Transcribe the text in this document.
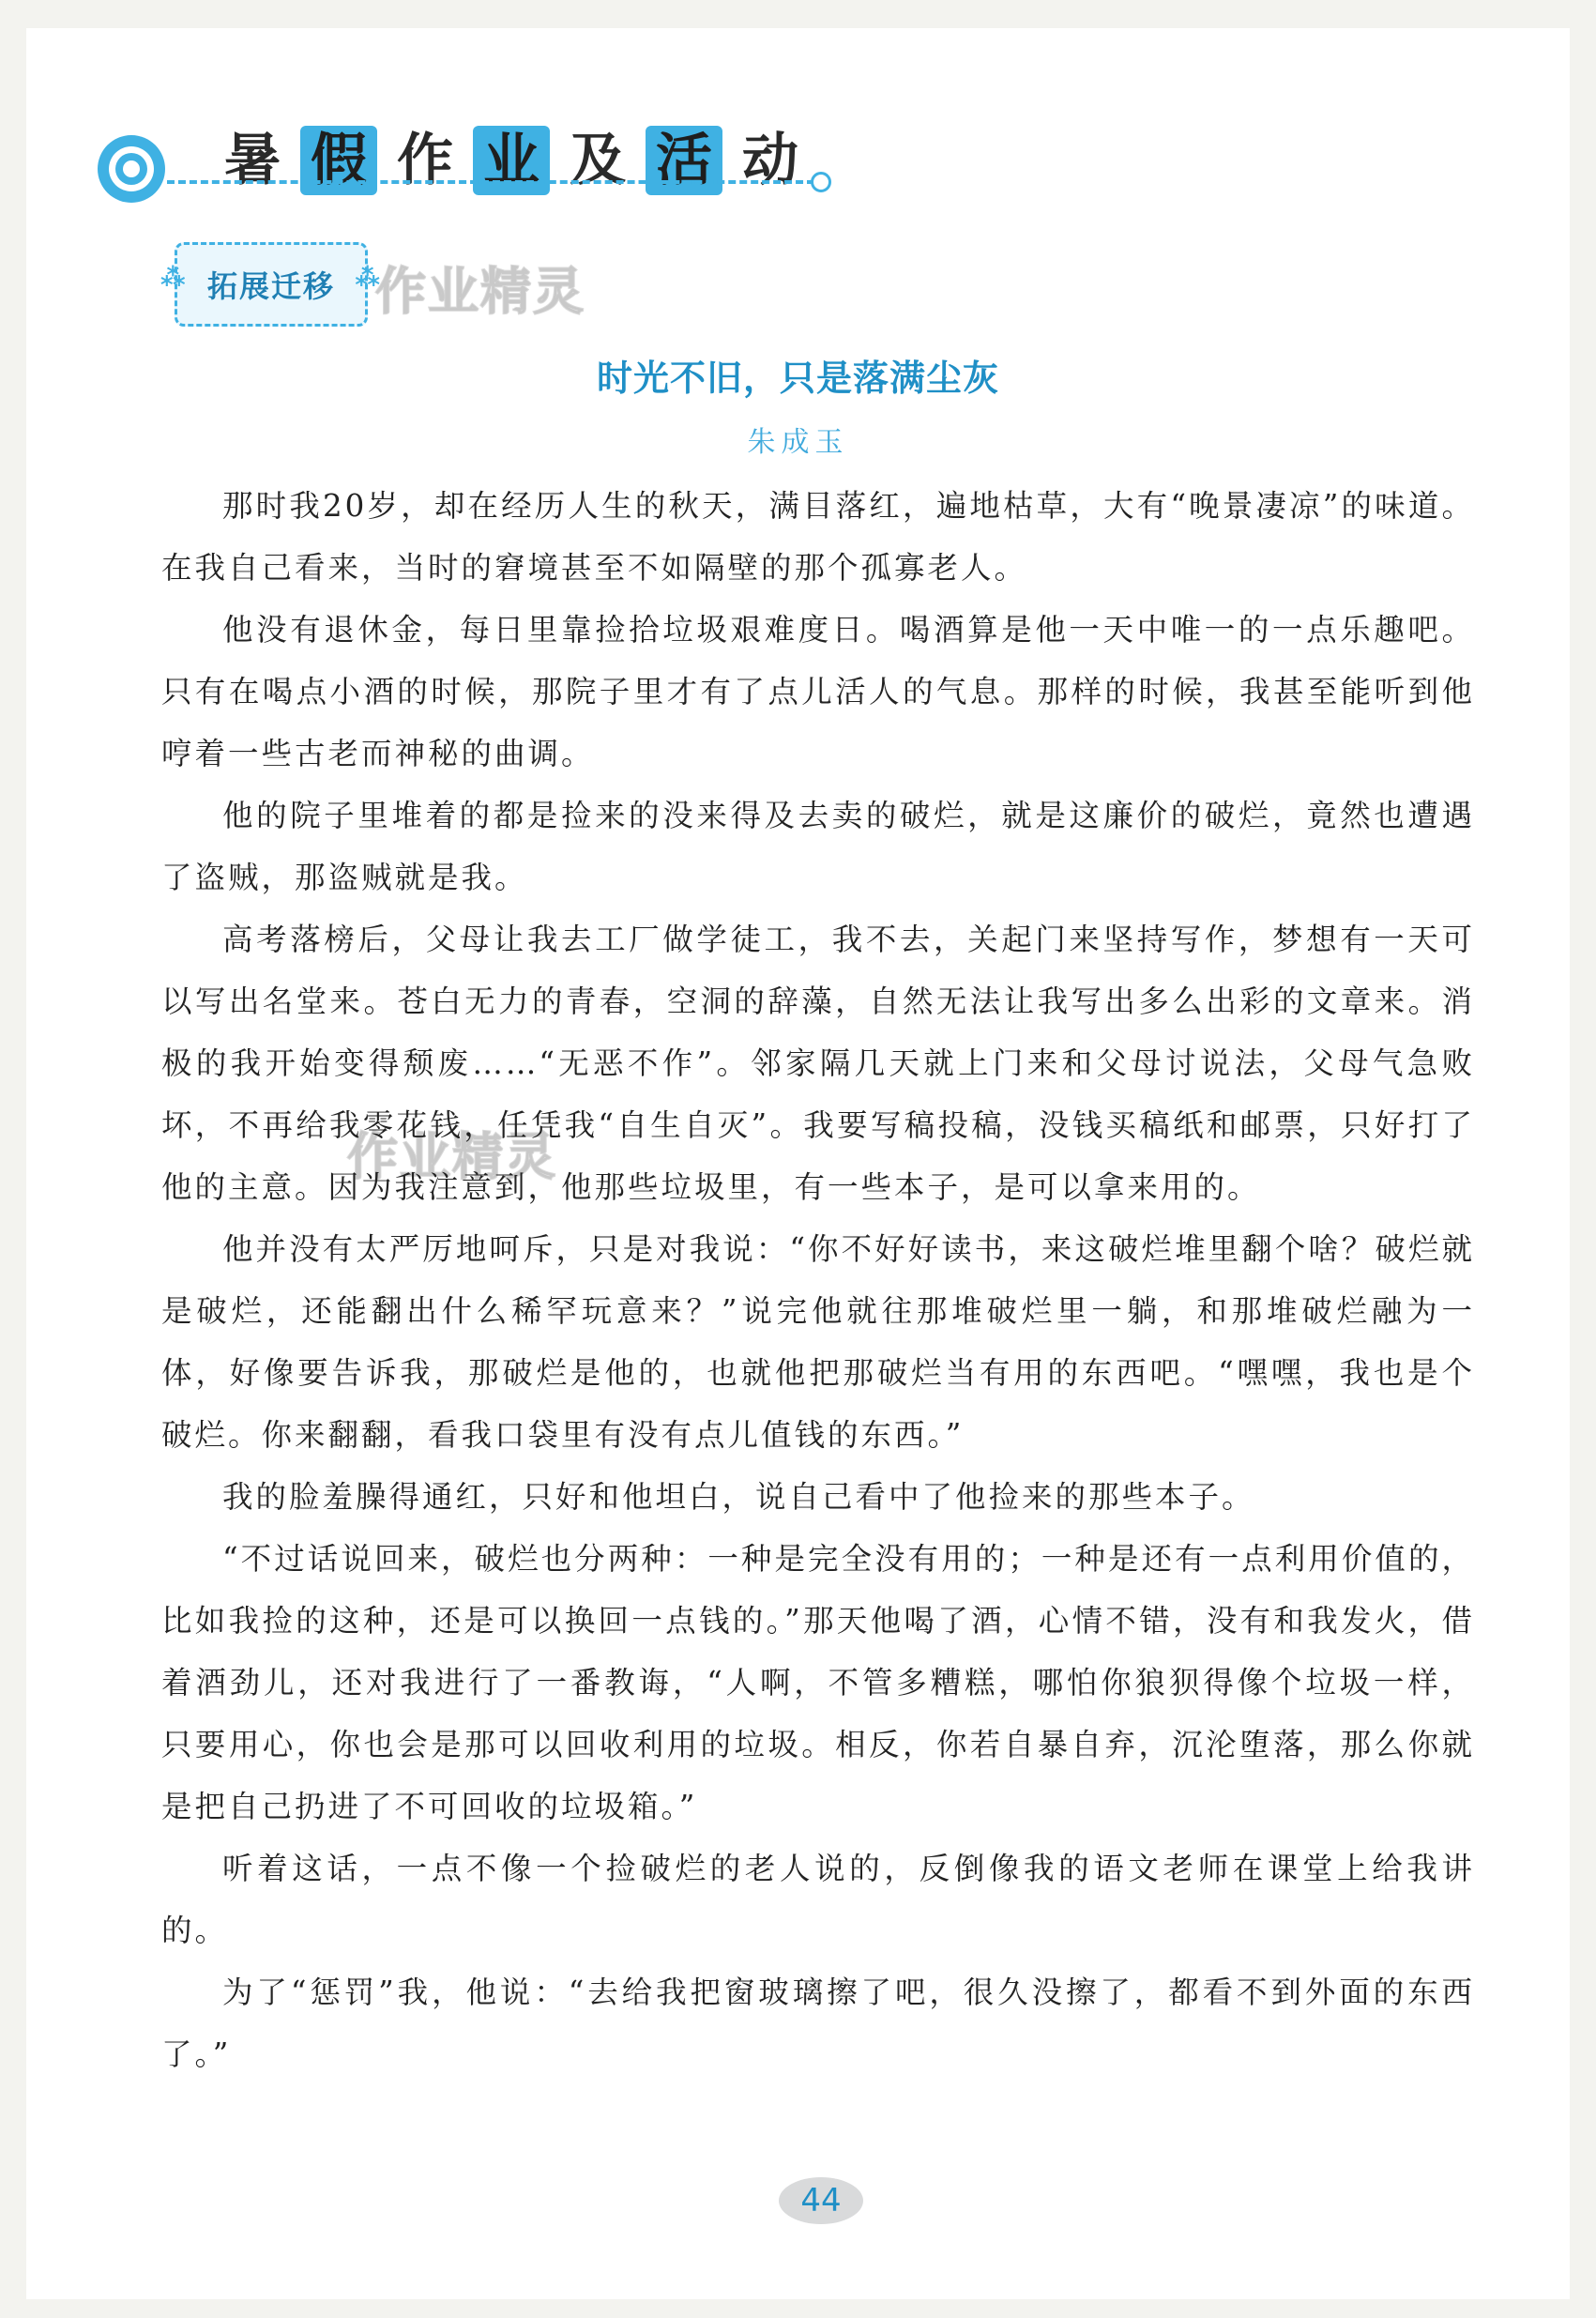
暑 假 作 业 及 活 动
⁂ 拓展迁移 ⁂ 作业精灵
作业精灵
时光不旧，只是落满尘灰
朱成玉

那时我20岁，却在经历人生的秋天，满目落红，遍地枯草，大有“晚景凄凉”的味道。在我自己看来，当时的窘境甚至不如隔壁的那个孤寡老人。

他没有退休金，每日里靠捡拾垃圾艰难度日。喝酒算是他一天中唯一的一点乐趣吧。只有在喝点小酒的时候，那院子里才有了点儿活人的气息。那样的时候，我甚至能听到他哼着一些古老而神秘的曲调。

他的院子里堆着的都是捡来的没来得及去卖的破烂，就是这廉价的破烂，竟然也遭遇了盗贼，那盗贼就是我。

高考落榜后，父母让我去工厂做学徒工，我不去，关起门来坚持写作，梦想有一天可以写出名堂来。苍白无力的青春，空洞的辞藻，自然无法让我写出多么出彩的文章来。消极的我开始变得颓废……“无恶不作”。邻家隔几天就上门来和父母讨说法，父母气急败坏，不再给我零花钱，任凭我“自生自灭”。我要写稿投稿，没钱买稿纸和邮票，只好打了他的主意。因为我注意到，他那些垃圾里，有一些本子，是可以拿来用的。

他并没有太严厉地呵斥，只是对我说：“你不好好读书，来这破烂堆里翻个啥？破烂就是破烂，还能翻出什么稀罕玩意来？”说完他就往那堆破烂里一躺，和那堆破烂融为一体，好像要告诉我，那破烂是他的，也就他把那破烂当有用的东西吧。“嘿嘿，我也是个破烂。你来翻翻，看我口袋里有没有点儿值钱的东西。”

我的脸羞臊得通红，只好和他坦白，说自己看中了他捡来的那些本子。

“不过话说回来，破烂也分两种：一种是完全没有用的；一种是还有一点利用价值的，比如我捡的这种，还是可以换回一点钱的。”那天他喝了酒，心情不错，没有和我发火，借着酒劲儿，还对我进行了一番教诲，“人啊，不管多糟糕，哪怕你狼狈得像个垃圾一样，只要用心，你也会是那可以回收利用的垃圾。相反，你若自暴自弃，沉沦堕落，那么你就是把自己扔进了不可回收的垃圾箱。”

听着这话，一点不像一个捡破烂的老人说的，反倒像我的语文老师在课堂上给我讲的。

为了“惩罚”我，他说：“去给我把窗玻璃擦了吧，很久没擦了，都看不到外面的东西了。”

44
